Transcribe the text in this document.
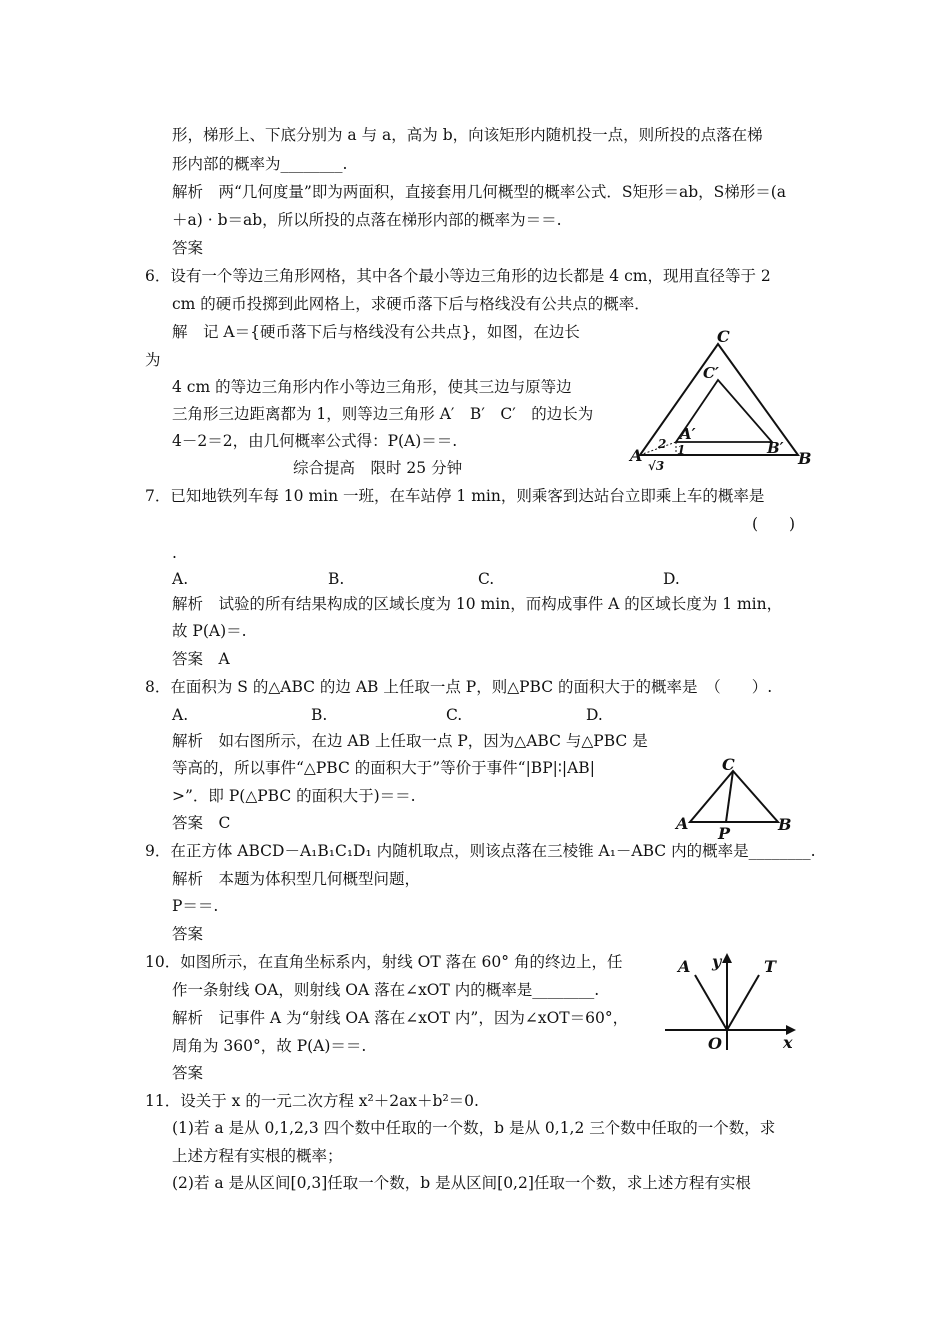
形，梯形上、下底分别为 a 与 a，高为 b，向该矩形内随机投一点，则所投的点落在梯
形内部的概率为________.
解析　两“几何度量”即为两面积，直接套用几何概型的概率公式．S矩形＝ab，S梯形＝(a
＋a) · b＝ab，所以所投的点落在梯形内部的概率为＝＝.
答案
6．设有一个等边三角形网格，其中各个最小等边三角形的边长都是 4 cm，现用直径等于 2
cm 的硬币投掷到此网格上，求硬币落下后与格线没有公共点的概率．
解　记 A＝{硬币落下后与格线没有公共点}，如图，在边长
为
4 cm 的等边三角形内作小等边三角形，使其三边与原等边
三角形三边距离都为 1，则等边三角形 A′　B′　C′　的边长为
4－2＝2，由几何概率公式得：P(A)＝＝.
综合提高　限时 25 分钟
7．已知地铁列车每 10 min 一班，在车站停 1 min，则乘客到达站台立即乘上车的概率是
(　　)
.
A.	B.	C.	D.
解析　试验的所有结果构成的区域长度为 10 min，而构成事件 A 的区域长度为 1 min，
故 P(A)＝.
答案　A
8．在面积为 S 的△ABC 的边 AB 上任取一点 P，则△PBC 的面积大于的概率是　（　　）.
A.	B.	C.	D.
解析　如右图所示，在边 AB 上任取一点 P，因为△ABC 与△PBC 是
等高的，所以事件“△PBC 的面积大于”等价于事件“|BP|∶|AB|
>”．即 P(△PBC 的面积大于)＝＝.
答案　C
9．在正方体 ABCD－A₁B₁C₁D₁ 内随机取点，则该点落在三棱锥 A₁－ABC 内的概率是________.
解析　本题为体积型几何概型问题，
P＝＝.
答案
10．如图所示，在直角坐标系内，射线 OT 落在 60° 角的终边上，任
作一条射线 OA，则射线 OA 落在∠xOT 内的概率是________.
解析　记事件 A 为“射线 OA 落在∠xOT 内”，因为∠xOT＝60°，
周角为 360°，故 P(A)＝＝.
答案
11．设关于 x 的一元二次方程 x²＋2ax＋b²＝0.
(1)若 a 是从 0,1,2,3 四个数中任取的一个数，b 是从 0,1,2 三个数中任取的一个数，求
上述方程有实根的概率；
(2)若 a 是从区间[0,3]任取一个数，b 是从区间[0,2]任取一个数，求上述方程有实根
C
C′
A′
B′
A	B
2 1
√3
C
A	B
P
A	T
y
x
O
